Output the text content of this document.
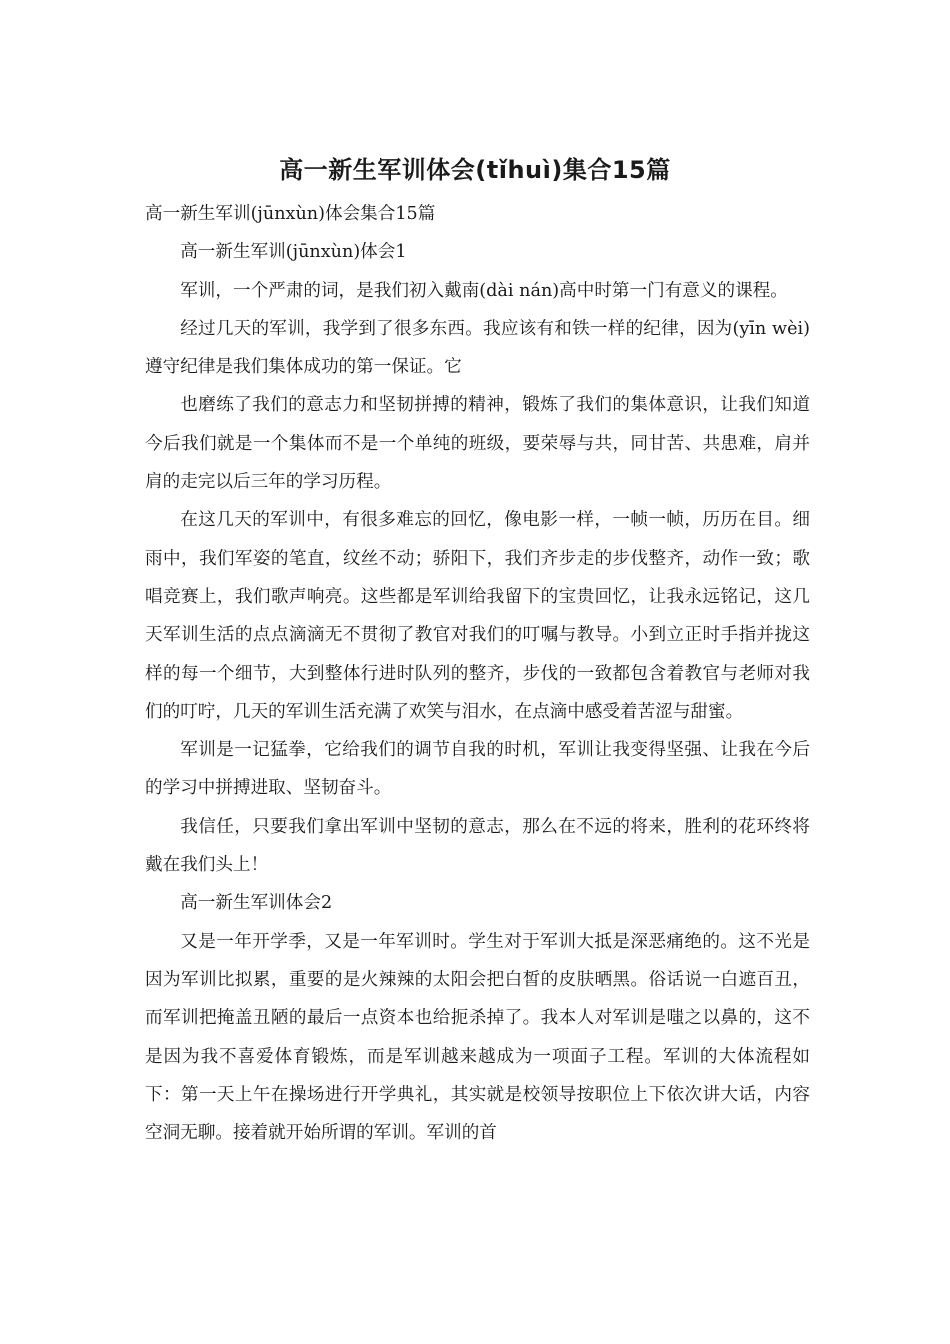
高一新生军训体会(tǐhuì)集合15篇

高一新生军训(jūnxùn)体会集合15篇

高一新生军训(jūnxùn)体会1

军训，一个严肃的词，是我们初入戴南(dài nán)高中时第一门有意义的课程。

经过几天的军训，我学到了很多东西。我应该有和铁一样的纪律，因为(yīn wèi)遵守纪律是我们集体成功的第一保证。它

也磨练了我们的意志力和坚韧拼搏的精神，锻炼了我们的集体意识，让我们知道今后我们就是一个集体而不是一个单纯的班级，要荣辱与共，同甘苦、共患难，肩并肩的走完以后三年的学习历程。

在这几天的军训中，有很多难忘的回忆，像电影一样，一帧一帧，历历在目。细雨中，我们军姿的笔直，纹丝不动；骄阳下，我们齐步走的步伐整齐，动作一致；歌唱竞赛上，我们歌声响亮。这些都是军训给我留下的宝贵回忆，让我永远铭记，这几天军训生活的点点滴滴无不贯彻了教官对我们的叮嘱与教导。小到立正时手指并拢这样的每一个细节，大到整体行进时队列的整齐，步伐的一致都包含着教官与老师对我们的叮咛，几天的军训生活充满了欢笑与泪水，在点滴中感受着苦涩与甜蜜。

军训是一记猛拳，它给我们的调节自我的时机，军训让我变得坚强、让我在今后的学习中拼搏进取、坚韧奋斗。

我信任，只要我们拿出军训中坚韧的意志，那么在不远的将来，胜利的花环终将戴在我们头上！

高一新生军训体会2

又是一年开学季，又是一年军训时。学生对于军训大抵是深恶痛绝的。这不光是因为军训比拟累，重要的是火辣辣的太阳会把白皙的皮肤晒黑。俗话说一白遮百丑，而军训把掩盖丑陋的最后一点资本也给扼杀掉了。我本人对军训是嗤之以鼻的，这不是因为我不喜爱体育锻炼，而是军训越来越成为一项面子工程。军训的大体流程如下：第一天上午在操场进行开学典礼，其实就是校领导按职位上下依次讲大话，内容空洞无聊。接着就开始所谓的军训。军训的首
